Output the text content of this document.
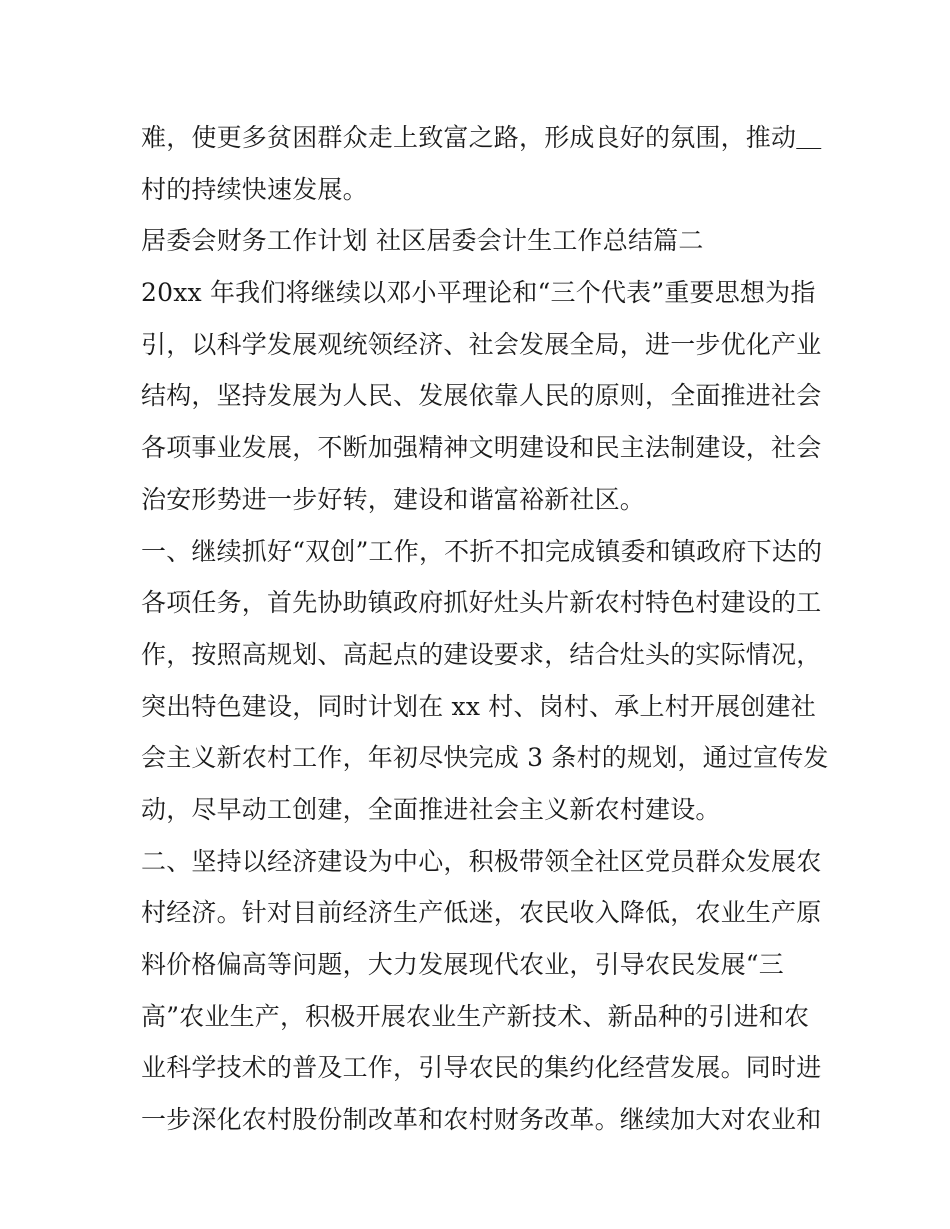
难，使更多贫困群众走上致富之路，形成良好的氛围，推动＿
村的持续快速发展。
居委会财务工作计划 社区居委会计生工作总结篇二
20xx 年我们将继续以邓小平理论和“三个代表”重要思想为指
引，以科学发展观统领经济、社会发展全局，进一步优化产业
结构，坚持发展为人民、发展依靠人民的原则，全面推进社会
各项事业发展，不断加强精神文明建设和民主法制建设，社会
治安形势进一步好转，建设和谐富裕新社区。
一、继续抓好“双创”工作，不折不扣完成镇委和镇政府下达的
各项任务，首先协助镇政府抓好灶头片新农村特色村建设的工
作，按照高规划、高起点的建设要求，结合灶头的实际情况，
突出特色建设，同时计划在 xx 村、岗村、承上村开展创建社
会主义新农村工作，年初尽快完成 3 条村的规划，通过宣传发
动，尽早动工创建，全面推进社会主义新农村建设。
二、坚持以经济建设为中心，积极带领全社区党员群众发展农
村经济。针对目前经济生产低迷，农民收入降低，农业生产原
料价格偏高等问题，大力发展现代农业，引导农民发展“三
高”农业生产，积极开展农业生产新技术、新品种的引进和农
业科学技术的普及工作，引导农民的集约化经营发展。同时进
一步深化农村股份制改革和农村财务改革。继续加大对农业和
